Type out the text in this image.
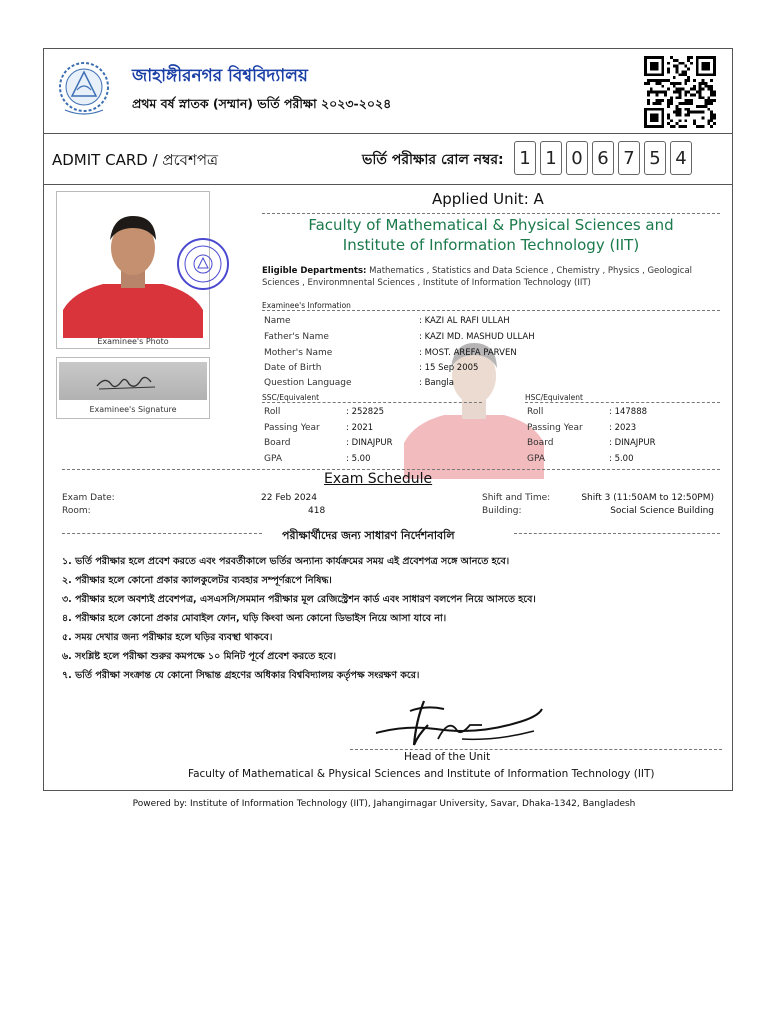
জাহাঙ্গীরনগর বিশ্ববিদ্যালয়
প্রথম বর্ষ স্নাতক (সম্মান) ভর্তি পরীক্ষা ২০২৩-২০২৪
ADMIT CARD / প্রবেশপত্র	ভর্তি পরীক্ষার রোল নম্বর: 1 1 0 6 7 5 4
Examinee's Photo
Examinee's Signature
Applied Unit: A
Faculty of Mathematical & Physical Sciences and
Institute of Information Technology (IIT)
Eligible Departments: Mathematics , Statistics and Data Science , Chemistry , Physics , Geological Sciences , Environmnental Sciences , Institute of Information Technology (IIT)
Examinee's Information
Name	: KAZI AL RAFI ULLAH
Father's Name	: KAZI MD. MASHUD ULLAH
Mother's Name	: MOST. AREFA PARVEN
Date of Birth	: 15 Sep 2005
Question Language	: Bangla
SSC/Equivalent
Roll	: 252825
Passing Year	: 2021
Board	: DINAJPUR
GPA	: 5.00
HSC/Equivalent
Roll	: 147888
Passing Year	: 2023
Board	: DINAJPUR
GPA	: 5.00
Exam Schedule
Exam Date:	22 Feb 2024
Room:	418
Shift and Time:	Shift 3 (11:50AM to 12:50PM)
Building:	Social Science Building
পরীক্ষার্থীদের জন্য সাধারণ নির্দেশনাবলি
১. ভর্তি পরীক্ষার হলে প্রবেশ করতে এবং পরবর্তীকালে ভর্তির অন্যান্য কার্যক্রমের সময় এই প্রবেশপত্র সঙ্গে আনতে হবে।
২. পরীক্ষার হলে কোনো প্রকার ক্যালকুলেটর ব্যবহার সম্পূর্ণরূপে নিষিদ্ধ।
৩. পরীক্ষার হলে অবশ্যই প্রবেশপত্র, এসএসসি/সমমান পরীক্ষার মূল রেজিস্ট্রেশন কার্ড এবং সাধারণ বলপেন নিয়ে আসতে হবে।
৪. পরীক্ষার হলে কোনো প্রকার মোবাইল ফোন, ঘড়ি কিংবা অন্য কোনো ডিভাইস নিয়ে আসা যাবে না।
৫. সময় দেখার জন্য পরীক্ষার হলে ঘড়ির ব্যবস্থা থাকবে।
৬. সংশ্লিষ্ট হলে পরীক্ষা শুরুর কমপক্ষে ১০ মিনিট পূর্বে প্রবেশ করতে হবে।
৭. ভর্তি পরীক্ষা সংক্রান্ত যে কোনো সিদ্ধান্ত গ্রহণের অধিকার বিশ্ববিদ্যালয় কর্তৃপক্ষ সংরক্ষণ করে।
Head of the Unit
Faculty of Mathematical & Physical Sciences and Institute of Information Technology (IIT)
Powered by: Institute of Information Technology (IIT), Jahangirnagar University, Savar, Dhaka-1342, Bangladesh
